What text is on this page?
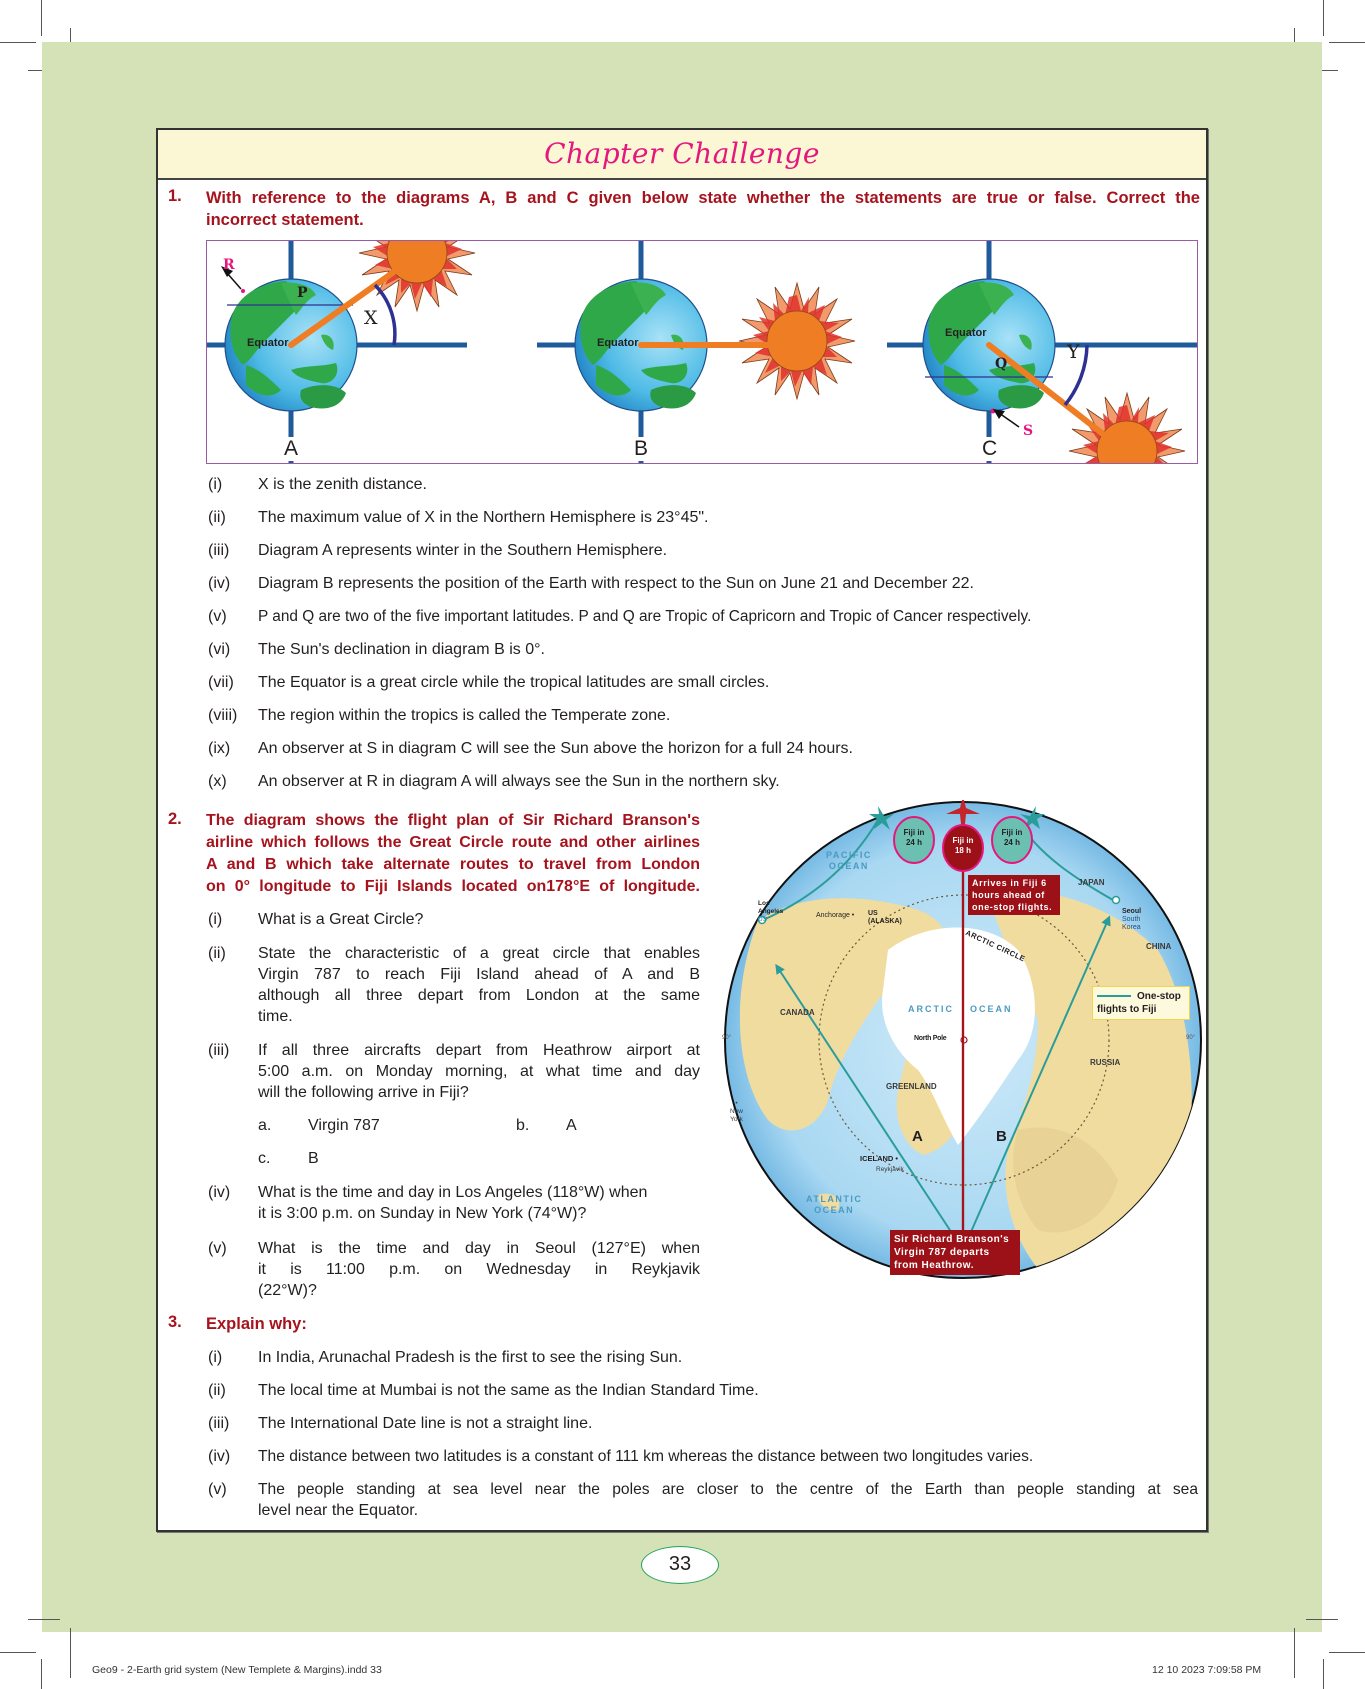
Chapter Challenge
1. With reference to the diagrams A, B and C given below state whether the statements are true or false. Correct the
incorrect statement.
R
P
X
Equator	Equator
Equator
Q
Y
S
A	B	C
(i) X is the zenith distance.
(ii) The maximum value of X in the Northern Hemisphere is 23°45".
(iii) Diagram A represents winter in the Southern Hemisphere.
(iv) Diagram B represents the position of the Earth with respect to the Sun on June 21 and December 22.
(v) P and Q are two of the five important latitudes. P and Q are Tropic of Capricorn and Tropic of Cancer respectively.
(vi) The Sun's declination in diagram B is 0°.
(vii) The Equator is a great circle while the tropical latitudes are small circles.
(viii) The region within the tropics is called the Temperate zone.
(ix) An observer at S in diagram C will see the Sun above the horizon for a full 24 hours.
(x) An observer at R in diagram A will always see the Sun in the northern sky.
2. The diagram shows the flight plan of Sir Richard Branson's
airline which follows the Great Circle route and other airlines
A and B which take alternate routes to travel from London
on 0° longitude to Fiji Islands located on178°E of longitude.
(i) What is a Great Circle?
(ii) State the characteristic of a great circle that enables
Virgin 787 to reach Fiji Island ahead of A and B
although all three depart from London at the same
time.
(iii) If all three aircrafts depart from Heathrow airport at
5:00 a.m. on Monday morning, at what time and day
will the following arrive in Fiji?
a. Virgin 787	b. A
c. B
(iv) What is the time and day in Los Angeles (118°W) when
it is 3:00 p.m. on Sunday in New York (74°W)?
(v) What is the time and day in Seoul (127°E) when
it is 11:00 p.m. on Wednesday in Reykjavik
(22°W)?
Fiji in
24 h	Fiji in
18 h
Fiji in
24 h
Arrives in Fiji 6
hours ahead of
one-stop flights.
Sir Richard Branson's
Virgin 787 departs
from Heathrow.
One-stop
flights to Fiji
PACIFIC
OCEAN
Los
Angeles
US
Anchorage • US
(ALASKA)
ARCTIC CIRCLE
JAPAN
Seoul
South
Korea
CHINA
CANADA	ARCTIC OCEAN
North Pole
90°	90°
RUSSIA
GREENLAND
•
New
York
A	B
ICELAND •
Reykjavik
ATLANTIC
OCEAN
3. Explain why:
(i) In India, Arunachal Pradesh is the first to see the rising Sun.
(ii) The local time at Mumbai is not the same as the Indian Standard Time.
(iii) The International Date line is not a straight line.
(iv) The distance between two latitudes is a constant of 111 km whereas the distance between two longitudes varies.
(v) The people standing at sea level near the poles are closer to the centre of the Earth than people standing at sea
level near the Equator.
33
Geo9 - 2-Earth grid system (New Templete & Margins).indd 33	12 10 2023 7:09:58 PM
